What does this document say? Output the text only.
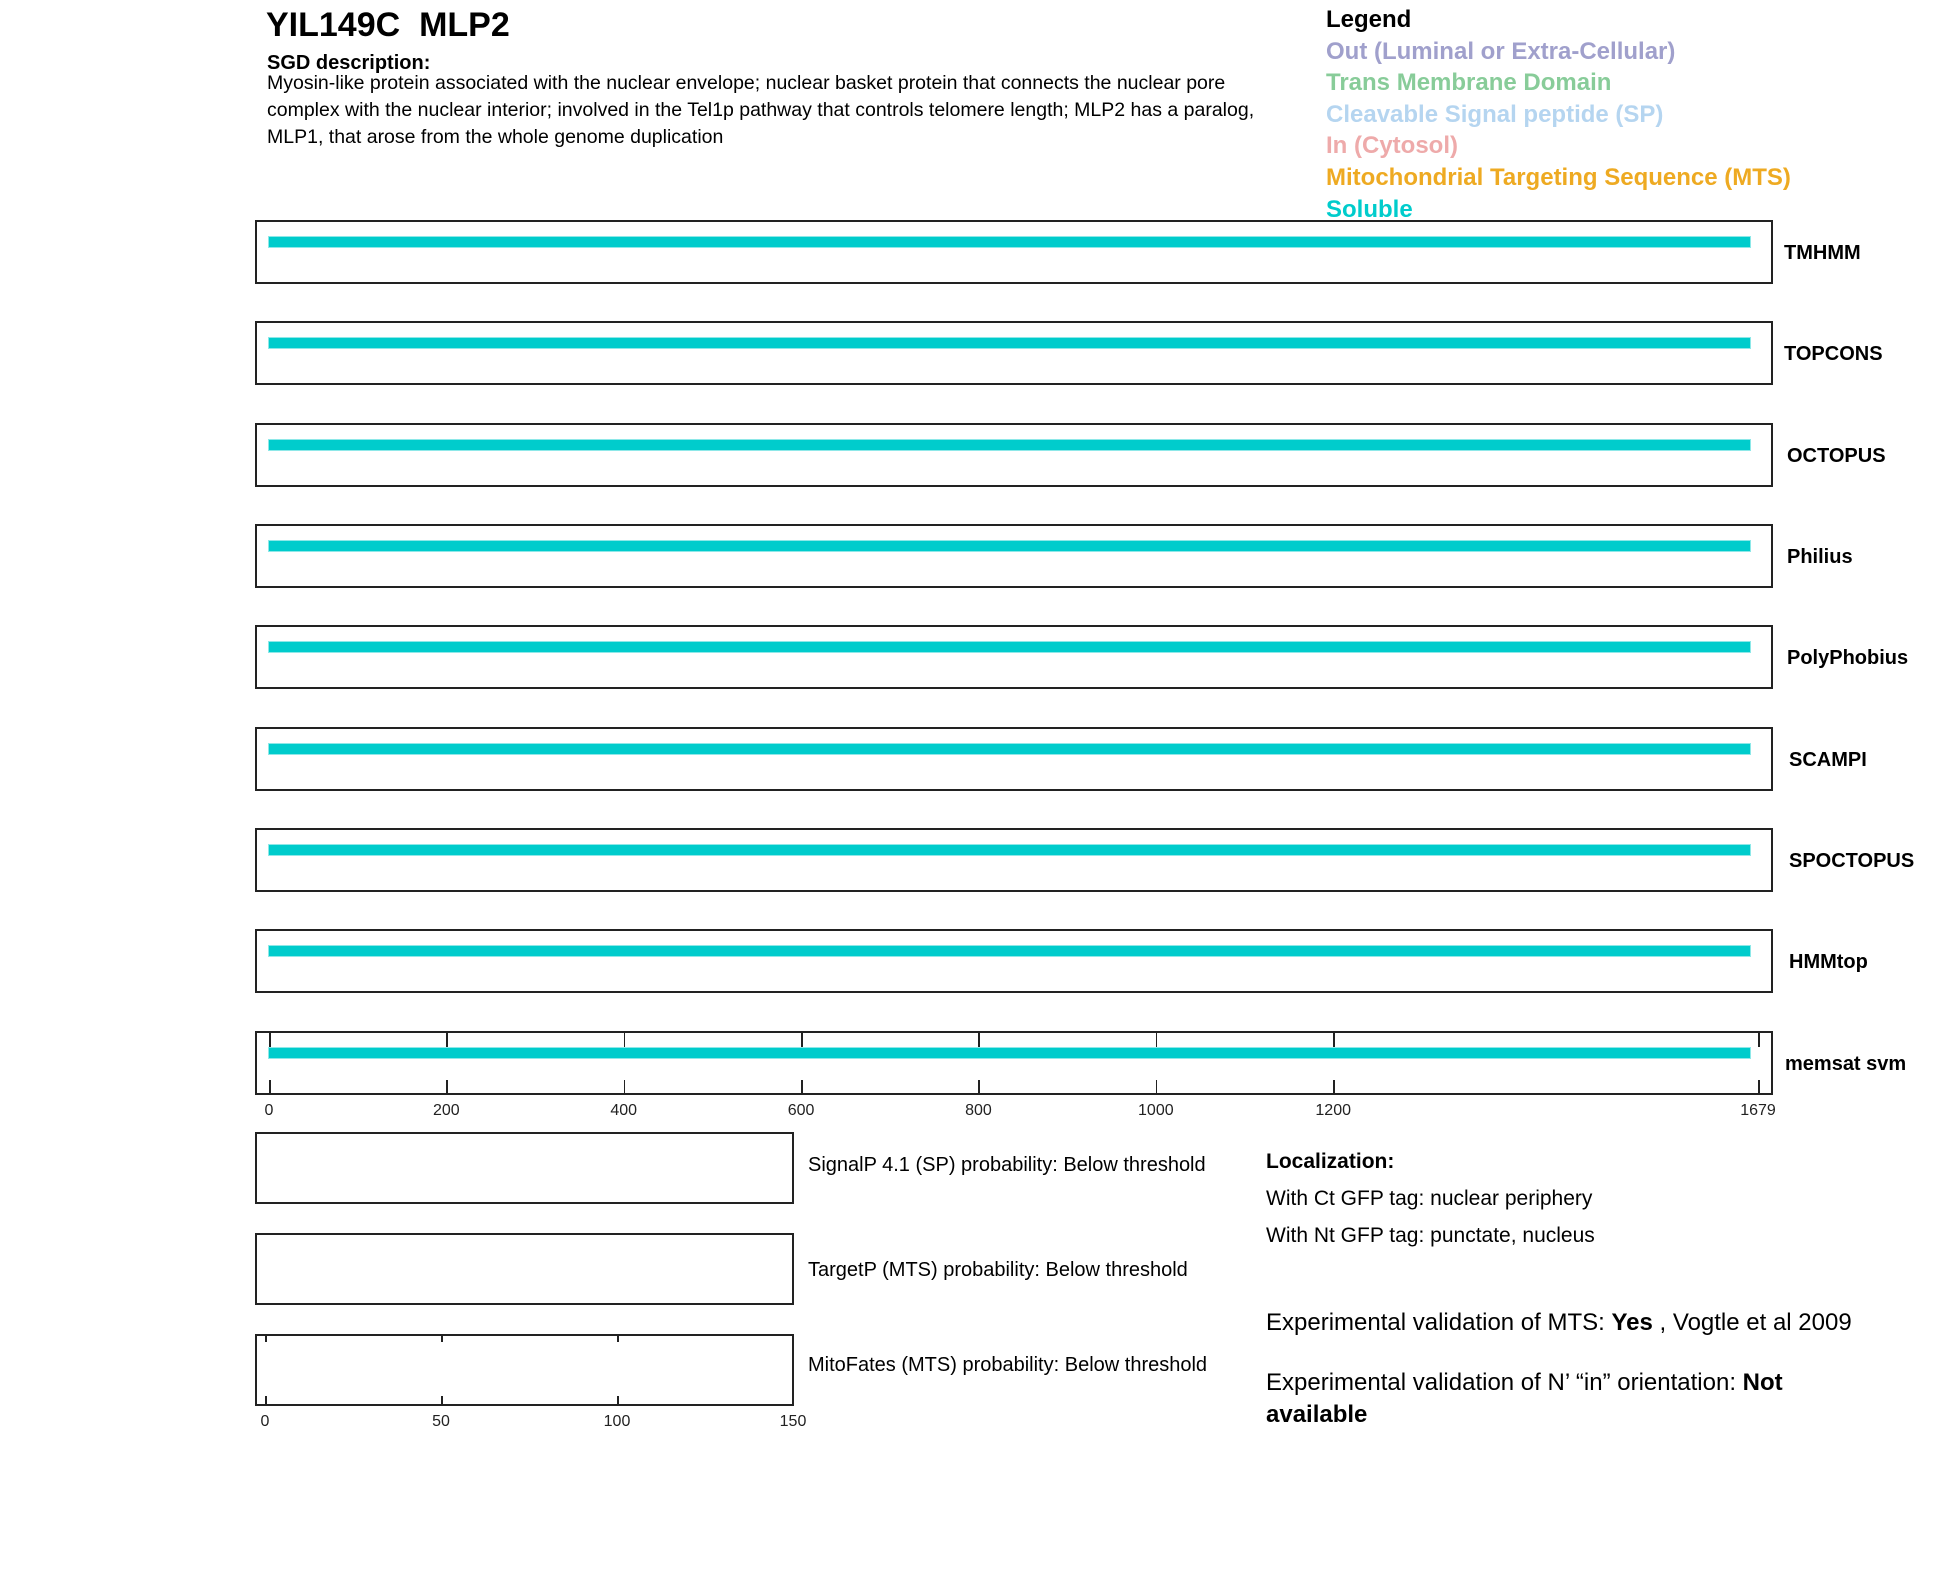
YIL149C  MLP2
SGD description:
Myosin-like protein associated with the nuclear envelope; nuclear basket protein that connects the nuclear pore complex with the nuclear interior; involved in the Tel1p pathway that controls telomere length; MLP2 has a paralog, MLP1, that arose from the whole genome duplication
Legend
Out (Luminal or Extra-Cellular)
Trans Membrane Domain
Cleavable Signal peptide (SP)
In (Cytosol)
Mitochondrial Targeting Sequence (MTS)
Soluble
TMHMM
TOPCONS
OCTOPUS
Philius
PolyPhobius
SCAMPI
SPOCTOPUS
HMMtop
memsat svm
0	200	400	600	800	1000	1200	1679
SignalP 4.1 (SP) probability: Below threshold
TargetP (MTS) probability: Below threshold
MitoFates (MTS) probability: Below threshold
0	50	100	150
Localization:
With Ct GFP tag: nuclear periphery
With Nt GFP tag: punctate, nucleus
Experimental validation of MTS: Yes , Vogtle et al 2009
Experimental validation of N’ “in” orientation: Not available
